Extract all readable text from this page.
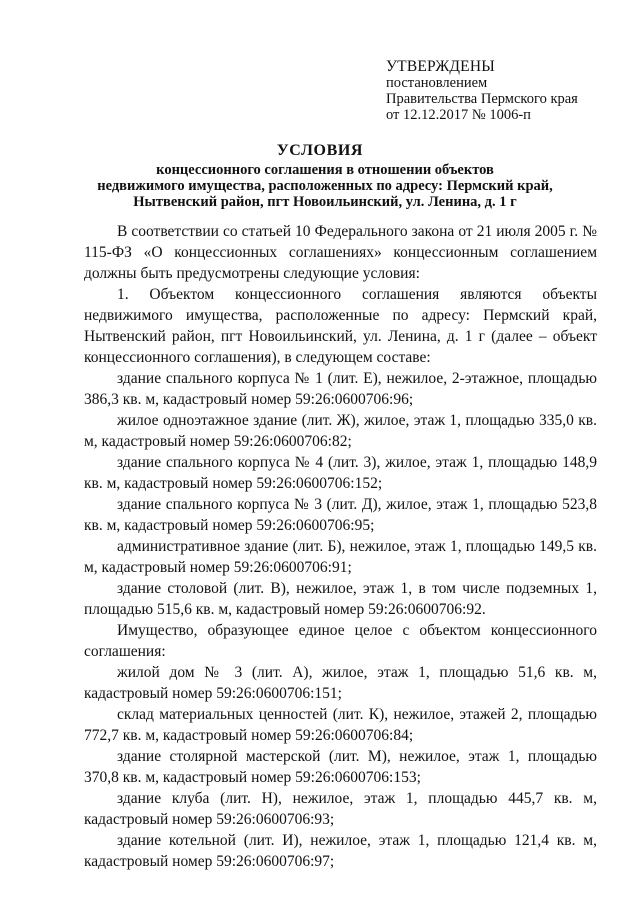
УТВЕРЖДЕНЫ
постановлением
Правительства Пермского края
от 12.12.2017 № 1006-п
УСЛОВИЯ
концессионного соглашения в отношении объектов
недвижимого имущества, расположенных по адресу: Пермский край,
Нытвенский район, пгт Новоильинский, ул. Ленина, д. 1 г

В соответствии со статьей 10 Федерального закона от 21 июля 2005 г. № 115-ФЗ «О концессионных соглашениях» концессионным соглашением должны быть предусмотрены следующие условия:

1. Объектом концессионного соглашения являются объекты недвижимого имущества, расположенные по адресу: Пермский край, Нытвенский район, пгт Новоильинский, ул. Ленина, д. 1 г (далее – объект концессионного соглашения), в следующем составе:

здание спального корпуса № 1 (лит. Е), нежилое, 2-этажное, площадью 386,3 кв. м, кадастровый номер 59:26:0600706:96;

жилое одноэтажное здание (лит. Ж), жилое, этаж 1, площадью 335,0 кв. м, кадастровый номер 59:26:0600706:82;

здание спального корпуса № 4 (лит. 3), жилое, этаж 1, площадью 148,9 кв. м, кадастровый номер 59:26:0600706:152;

здание спального корпуса № 3 (лит. Д), жилое, этаж 1, площадью 523,8 кв. м, кадастровый номер 59:26:0600706:95;

административное здание (лит. Б), нежилое, этаж 1, площадью 149,5 кв. м, кадастровый номер 59:26:0600706:91;

здание столовой (лит. В), нежилое, этаж 1, в том числе подземных 1, площадью 515,6 кв. м, кадастровый номер 59:26:0600706:92.

Имущество, образующее единое целое с объектом концессионного соглашения:

жилой дом № 3 (лит. А), жилое, этаж 1, площадью 51,6 кв. м, кадастровый номер 59:26:0600706:151;

склад материальных ценностей (лит. К), нежилое, этажей 2, площадью 772,7 кв. м, кадастровый номер 59:26:0600706:84;

здание столярной мастерской (лит. М), нежилое, этаж 1, площадью 370,8 кв. м, кадастровый номер 59:26:0600706:153;

здание клуба (лит. Н), нежилое, этаж 1, площадью 445,7 кв. м, кадастровый номер 59:26:0600706:93;

здание котельной (лит. И), нежилое, этаж 1, площадью 121,4 кв. м, кадастровый номер 59:26:0600706:97;
